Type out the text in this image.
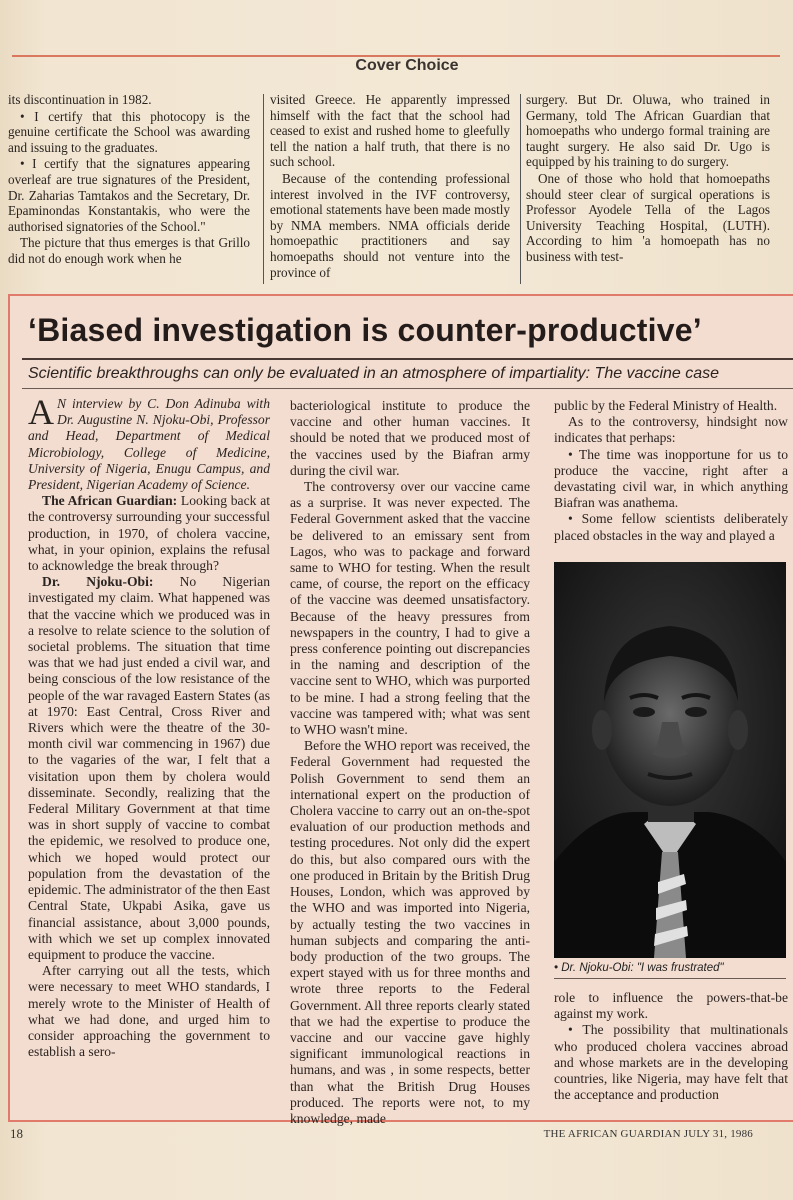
Cover Choice

its discontinuation in 1982.

• I certify that this photocopy is the genuine certificate the School was awarding and issuing to the graduates.

• I certify that the signatures appearing overleaf are true signatures of the President, Dr. Zaharias Tamtakos and the Secretary, Dr. Epaminondas Konstantakis, who were the authorised signatories of the School."

The picture that thus emerges is that Grillo did not do enough work when he

visited Greece. He apparently impressed himself with the fact that the school had ceased to exist and rushed home to gleefully tell the nation a half truth, that there is no such school.

Because of the contending professional interest involved in the IVF controversy, emotional statements have been made mostly by NMA members. NMA officials deride homoepathic practitioners and say homoepaths should not venture into the province of

surgery. But Dr. Oluwa, who trained in Germany, told The African Guardian that homoepaths who undergo formal training are taught surgery. He also said Dr. Ugo is equipped by his training to do surgery.

One of those who hold that homoepaths should steer clear of surgical operations is Professor Ayodele Tella of the Lagos University Teaching Hospital, (LUTH). According to him 'a homoepath has no business with test-

‘Biased investigation is counter-productive’
Scientific breakthroughs can only be evaluated in an atmosphere of impartiality: The vaccine case

A N interview by C. Don Adinuba with Dr. Augustine N. Njoku-Obi, Professor and Head, Department of Medical Microbiology, College of Medicine, University of Nigeria, Enugu Campus, and President, Nigerian Academy of Science.

The African Guardian: Looking back at the controversy surrounding your successful production, in 1970, of cholera vaccine, what, in your opinion, explains the refusal to acknowledge the break through?

Dr. Njoku-Obi: No Nigerian investigated my claim. What happened was that the vaccine which we produced was in a resolve to relate science to the solution of societal problems. The situation that time was that we had just ended a civil war, and being conscious of the low resistance of the people of the war ravaged Eastern States (as at 1970: East Central, Cross River and Rivers which were the theatre of the 30-month civil war commencing in 1967) due to the vagaries of the war, I felt that a visitation upon them by cholera would disseminate. Secondly, realizing that the Federal Military Government at that time was in short supply of vaccine to combat the epidemic, we resolved to produce one, which we hoped would protect our population from the devastation of the epidemic. The administrator of the then East Central State, Ukpabi Asika, gave us financial assistance, about 3,000 pounds, with which we set up complex innovated equipment to produce the vaccine.

After carrying out all the tests, which were necessary to meet WHO standards, I merely wrote to the Minister of Health of what we had done, and urged him to consider approaching the government to establish a sero-

bacteriological institute to produce the vaccine and other human vaccines. It should be noted that we produced most of the vaccines used by the Biafran army during the civil war.

The controversy over our vaccine came as a surprise. It was never expected. The Federal Government asked that the vaccine be delivered to an emissary sent from Lagos, who was to package and forward same to WHO for testing. When the result came, of course, the report on the efficacy of the vaccine was deemed unsatisfactory. Because of the heavy pressures from newspapers in the country, I had to give a press conference pointing out discrepancies in the naming and description of the vaccine sent to WHO, which was purported to be mine. I had a strong feeling that the vaccine was tampered with; what was sent to WHO wasn't mine.

Before the WHO report was received, the Federal Government had requested the Polish Government to send them an international expert on the production of Cholera vaccine to carry out an on-the-spot evaluation of our production methods and testing procedures. Not only did the expert do this, but also compared ours with the one produced in Britain by the British Drug Houses, London, which was approved by the WHO and was imported into Nigeria, by actually testing the two vaccines in human subjects and comparing the anti-body production of the two groups. The expert stayed with us for three months and wrote three reports to the Federal Government. All three reports clearly stated that we had the expertise to produce the vaccine and our vaccine gave highly significant immunological reactions in humans, and was , in some respects, better than what the British Drug Houses produced. The reports were not, to my knowledge, made

public by the Federal Ministry of Health.

As to the controversy, hindsight now indicates that perhaps:

• The time was inopportune for us to produce the vaccine, right after a devastating civil war, in which anything Biafran was anathema.

• Some fellow scientists deliberately placed obstacles in the way and played a

• Dr. Njoku-Obi: "I was frustrated"

role to influence the powers-that-be against my work.

• The possibility that multinationals who produced cholera vaccines abroad and whose markets are in the developing countries, like Nigeria, may have felt that the acceptance and production

18	THE AFRICAN GUARDIAN JULY 31, 1986
